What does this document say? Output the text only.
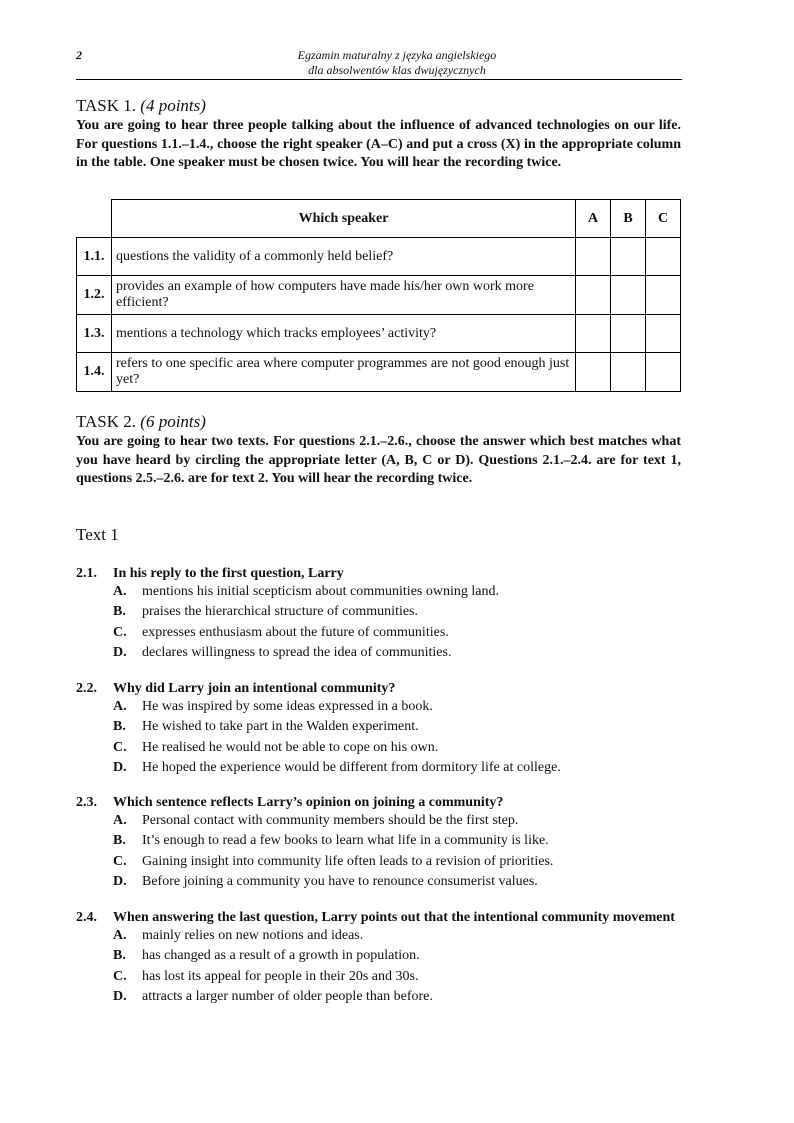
2	Egzamin maturalny z języka angielskiego
dla absolwentów klas dwujęzycznych
TASK 1. (4 points)

You are going to hear three people talking about the influence of advanced technologies on our life. For questions 1.1.–1.4., choose the right speaker (A–C) and put a cross (X) in the appropriate column in the table. One speaker must be chosen twice. You will hear the recording twice.

	Which speaker	A	B	C
1.1.	questions the validity of a commonly held belief?			
1.2.	provides an example of how computers have made his/her own work more efficient?			
1.3.	mentions a technology which tracks employees’ activity?			
1.4.	refers to one specific area where computer programmes are not good enough just yet?			
TASK 2. (6 points)

You are going to hear two texts. For questions 2.1.–2.6., choose the answer which best matches what you have heard by circling the appropriate letter (A, B, C or D). Questions 2.1.–2.4. are for text 1, questions 2.5.–2.6. are for text 2. You will hear the recording twice.

Text 1
2.1.	In his reply to the first question, Larry
A.	mentions his initial scepticism about communities owning land.
B.	praises the hierarchical structure of communities.
C.	expresses enthusiasm about the future of communities.
D.	declares willingness to spread the idea of communities.
2.2.	Why did Larry join an intentional community?
A.	He was inspired by some ideas expressed in a book.
B.	He wished to take part in the Walden experiment.
C.	He realised he would not be able to cope on his own.
D.	He hoped the experience would be different from dormitory life at college.
2.3.	Which sentence reflects Larry’s opinion on joining a community?
A.	Personal contact with community members should be the first step.
B.	It’s enough to read a few books to learn what life in a community is like.
C.	Gaining insight into community life often leads to a revision of priorities.
D.	Before joining a community you have to renounce consumerist values.
2.4.	When answering the last question, Larry points out that the intentional community movement
A.	mainly relies on new notions and ideas.
B.	has changed as a result of a growth in population.
C.	has lost its appeal for people in their 20s and 30s.
D.	attracts a larger number of older people than before.
